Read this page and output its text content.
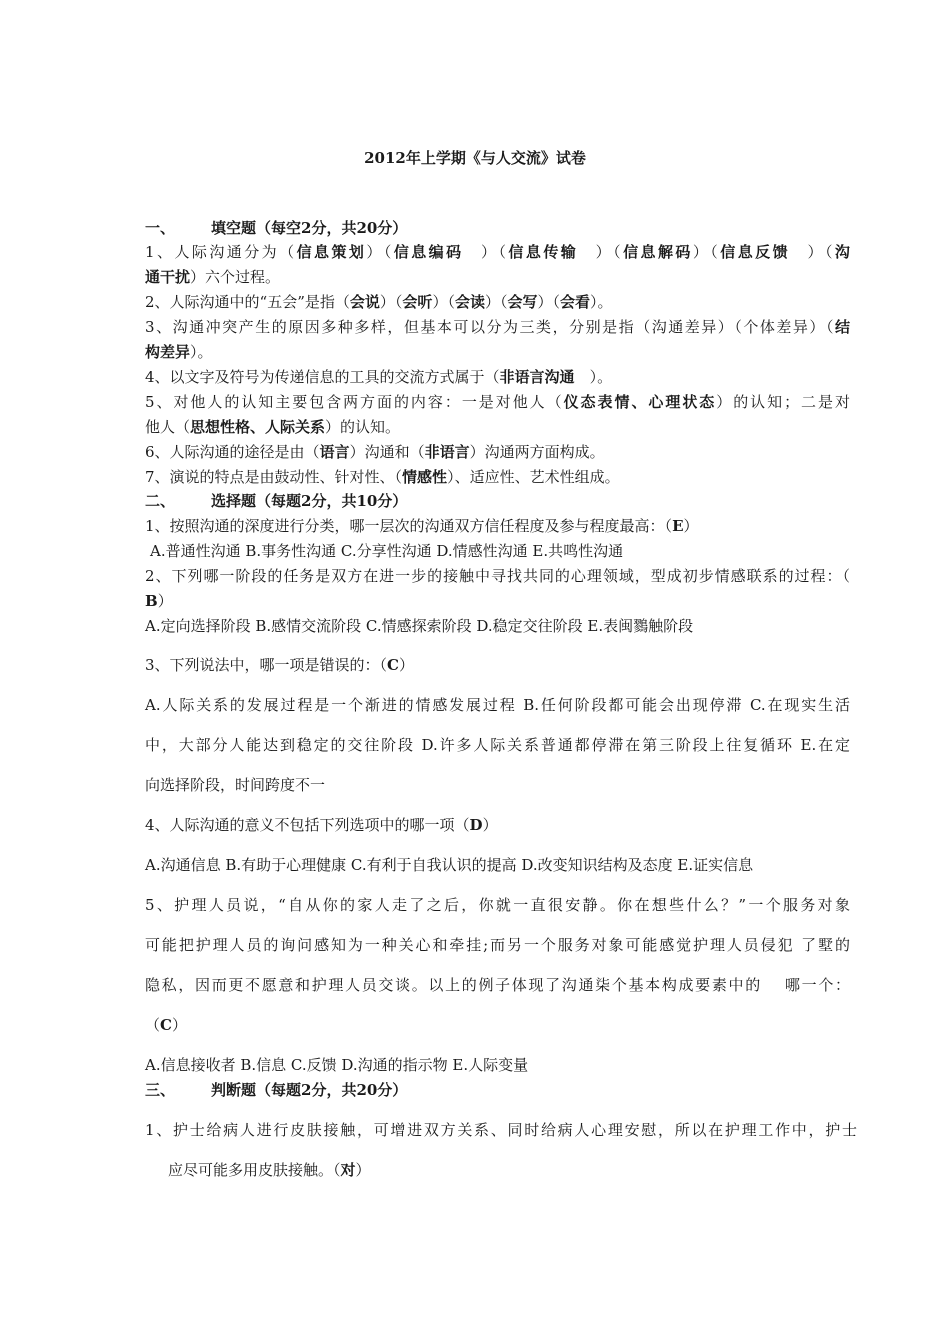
2012年上学期《与人交流》试卷
一、 填空题（每空2分，共20分）
1、人际沟通分为（信息策划）（信息编码　）（信息传输　）（信息解码）（信息反馈　）（沟
通干扰）六个过程。
2、人际沟通中的“五会”是指（会说）（会听）（会读）（会写）（会看）。
3、沟通冲突产生的原因多种多样，但基本可以分为三类，分别是指（沟通差异）（个体差异）（结
构差异）。
4、以文字及符号为传递信息的工具的交流方式属于（非语言沟通　）。
5、对他人的认知主要包含两方面的内容：一是对他人（仪态表情、心理状态）的认知；二是对
他人（思想性格、人际关系）的认知。
6、人际沟通的途径是由（语言）沟通和（非语言）沟通两方面构成。
7、演说的特点是由鼓动性、针对性、（情感性）、适应性、艺术性组成。
二、 选择题（每题2分，共10分）
1、按照沟通的深度进行分类，哪一层次的沟通双方信任程度及参与程度最高：（E）
A.普通性沟通 B.事务性沟通 C.分享性沟通 D.情感性沟通 E.共鸣性沟通
2、下列哪一阶段的任务是双方在进一步的接触中寻找共同的心理领域，型成初步情感联系的过程：（
B）
A.定向选择阶段 B.感情交流阶段 C.情感探索阶段 D.稳定交往阶段 E.表闽鷚触阶段
3、下列说法中，哪一项是错误的：（C）
A.人际关系的发展过程是一个渐进的情感发展过程 B.任何阶段都可能会出现停滞 C.在现实生活
中，大部分人能达到稳定的交往阶段 D.许多人际关系普通都停滞在第三阶段上往复循环 E.在定
向选择阶段，时间跨度不一
4、人际沟通的意义不包括下列选项中的哪一项（D）
A.沟通信息 B.有助于心理健康 C.有利于自我认识的提高 D.改变知识结构及态度 E.证实信息
5、护理人员说，“自从你的家人走了之后，你就一直很安静。你在想些什么？”一个服务对象
可能把护理人员的询问感知为一种关心和牵挂;而另一个服务对象可能感觉护理人员侵犯 了墅的
隐私，因而更不愿意和护理人员交谈。以上的例子体现了沟通柒个基本构成要素中的　 哪一个：
（C）
A.信息接收者 B.信息 C.反馈 D.沟通的指示物 E.人际变量
三、 判断题（每题2分，共20分）
1、护士给病人进行皮肤接触，可增进双方关系、同时给病人心理安慰，所以在护理工作中，护士
应尽可能多用皮肤接触。（对）
